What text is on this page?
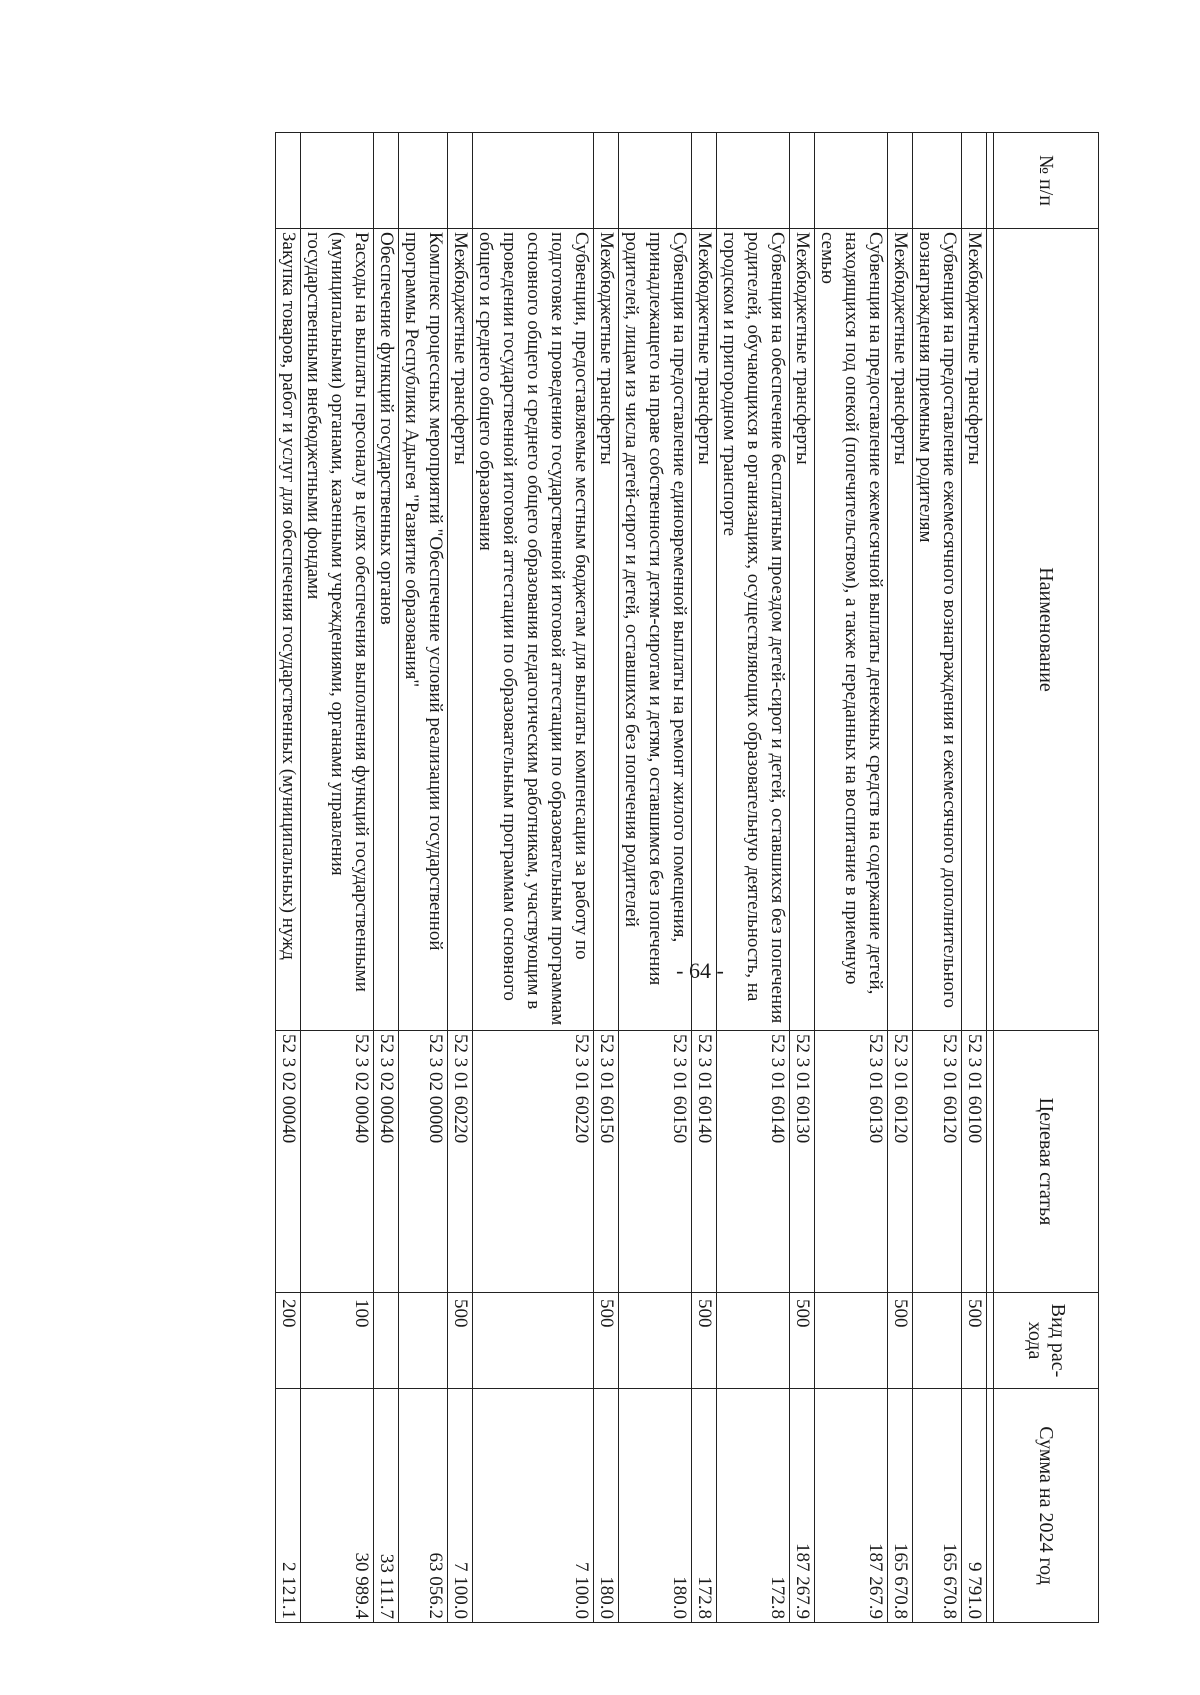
- 64 -
№ п/п	Наименование	Целевая статья	Вид рас-хода	Сумма на 2024 год

	Межбюджетные трансферты	52 3 01 60100	500	9 791.0
	Субвенция на предоставление ежемесячного вознаграждения и ежемесячного дополнительного вознаграждения приемным родителям	52 3 01 60120		165 670.8
	Межбюджетные трансферты	52 3 01 60120	500	165 670.8
	Субвенция на предоставление ежемесячной выплаты денежных средств на содержание детей, находящихся под опекой (попечительством), а также переданных на воспитание в приемную семью	52 3 01 60130		187 267.9
	Межбюджетные трансферты	52 3 01 60130	500	187 267.9
	Субвенция на обеспечение бесплатным проездом детей-сирот и детей, оставшихся без попечения родителей, обучающихся в организациях, осуществляющих образовательную деятельность, на городском и пригородном транспорте	52 3 01 60140		172.8
	Межбюджетные трансферты	52 3 01 60140	500	172.8
	Субвенция на предоставление единовременной выплаты на ремонт жилого помещения, принадлежащего на праве собственности детям-сиротам и детям, оставшимся без попечения родителей, лицам из числа детей-сирот и детей, оставшихся без попечения родителей	52 3 01 60150		180.0
	Межбюджетные трансферты	52 3 01 60150	500	180.0
	Субвенции, предоставляемые местным бюджетам для выплаты компенсации за работу по подготовке и проведению государственной итоговой аттестации по образовательным программам основного общего и среднего общего образования педагогическим работникам, участвующим в проведении государственной итоговой аттестации по образовательным программам основного общего и среднего общего образования	52 3 01 60220		7 100.0
	Межбюджетные трансферты	52 3 01 60220	500	7 100.0
	Комплекс процессных мероприятий "Обеспечение условий реализации государственной программы Республики Адыгея "Развитие образования"	52 3 02 00000		63 056.2
	Обеспечение функций государственных органов	52 3 02 00040		33 111.7
	Расходы на выплаты персоналу в целях обеспечения выполнения функций государственными (муниципальными) органами, казенными учреждениями, органами управления государственными внебюджетными фондами	52 3 02 00040	100	30 989.4
	Закупка товаров, работ и услуг для обеспечения государственных (муниципальных) нужд	52 3 02 00040	200	2 121.1
